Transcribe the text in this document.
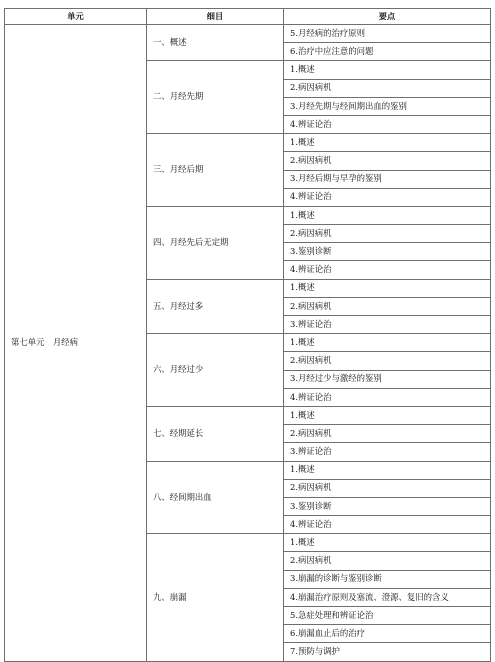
单元	细目	要点
第七单元　月经病	一、概述	5.月经病的治疗原则
		6.治疗中应注意的问题
	二、月经先期	1.概述
		2.病因病机
		3.月经先期与经间期出血的鉴别
		4.辨证论治
	三、月经后期	1.概述
		2.病因病机
		3.月经后期与早孕的鉴别
		4.辨证论治
	四、月经先后无定期	1.概述
		2.病因病机
		3.鉴别诊断
		4.辨证论治
	五、月经过多	1.概述
		2.病因病机
		3.辨证论治
	六、月经过少	1.概述
		2.病因病机
		3.月经过少与激经的鉴别
		4.辨证论治
	七、经期延长	1.概述
		2.病因病机
		3.辨证论治
	八、经间期出血	1.概述
		2.病因病机
		3.鉴别诊断
		4.辨证论治
	九、崩漏	1.概述
		2.病因病机
		3.崩漏的诊断与鉴别诊断
		4.崩漏治疗原则及塞流、澄源、复旧的含义
		5.急症处理和辨证论治
		6.崩漏血止后的治疗
		7.预防与调护
